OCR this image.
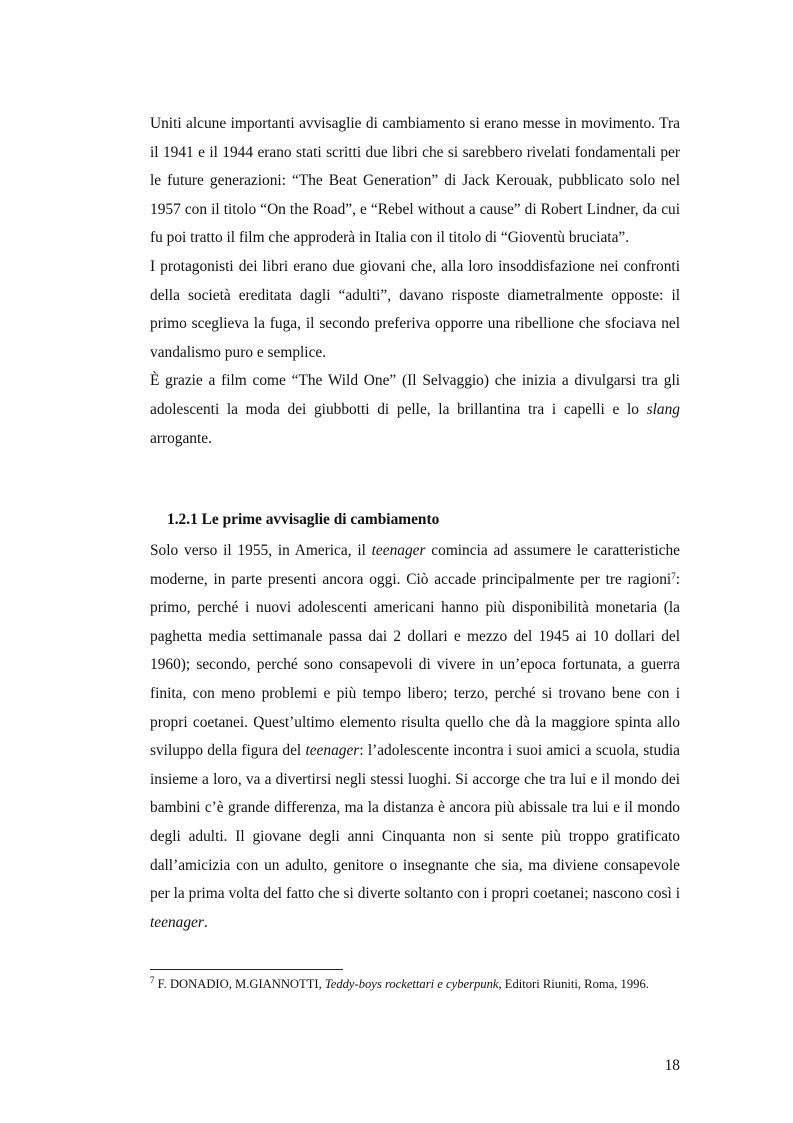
Uniti alcune importanti avvisaglie di cambiamento si erano messe in movimento. Tra il 1941 e il 1944 erano stati scritti due libri che si sarebbero rivelati fondamentali per le future generazioni: “The Beat Generation” di Jack Kerouak, pubblicato solo nel 1957 con il titolo “On the Road”, e “Rebel without a cause” di Robert Lindner, da cui fu poi tratto il film che approderà in Italia con il titolo di “Gioventù bruciata”.

I protagonisti dei libri erano due giovani che, alla loro insoddisfazione nei confronti della società ereditata dagli “adulti”, davano risposte diametralmente opposte: il primo sceglieva la fuga, il secondo preferiva opporre una ribellione che sfociava nel vandalismo puro e semplice.

È grazie a film come “The Wild One” (Il Selvaggio) che inizia a divulgarsi tra gli adolescenti la moda dei giubbotti di pelle, la brillantina tra i capelli e lo slang arrogante.

1.2.1 Le prime avvisaglie di cambiamento

Solo verso il 1955, in America, il teenager comincia ad assumere le caratteristiche moderne, in parte presenti ancora oggi. Ciò accade principalmente per tre ragioni$^7$: primo, perché i nuovi adolescenti americani hanno più disponibilità monetaria (la paghetta media settimanale passa dai 2 dollari e mezzo del 1945 ai 10 dollari del 1960); secondo, perché sono consapevoli di vivere in un’epoca fortunata, a guerra finita, con meno problemi e più tempo libero; terzo, perché si trovano bene con i propri coetanei. Quest’ultimo elemento risulta quello che dà la maggiore spinta allo sviluppo della figura del teenager: l’adolescente incontra i suoi amici a scuola, studia insieme a loro, va a divertirsi negli stessi luoghi. Si accorge che tra lui e il mondo dei bambini c’è grande differenza, ma la distanza è ancora più abissale tra lui e il mondo degli adulti. Il giovane degli anni Cinquanta non si sente più troppo gratificato dall’amicizia con un adulto, genitore o insegnante che sia, ma diviene consapevole per la prima volta del fatto che si diverte soltanto con i propri coetanei; nascono così i teenager.

$^7$ F. DONADIO, M.GIANNOTTI, Teddy-boys rockettari e cyberpunk, Editori Riuniti, Roma, 1996.

18
